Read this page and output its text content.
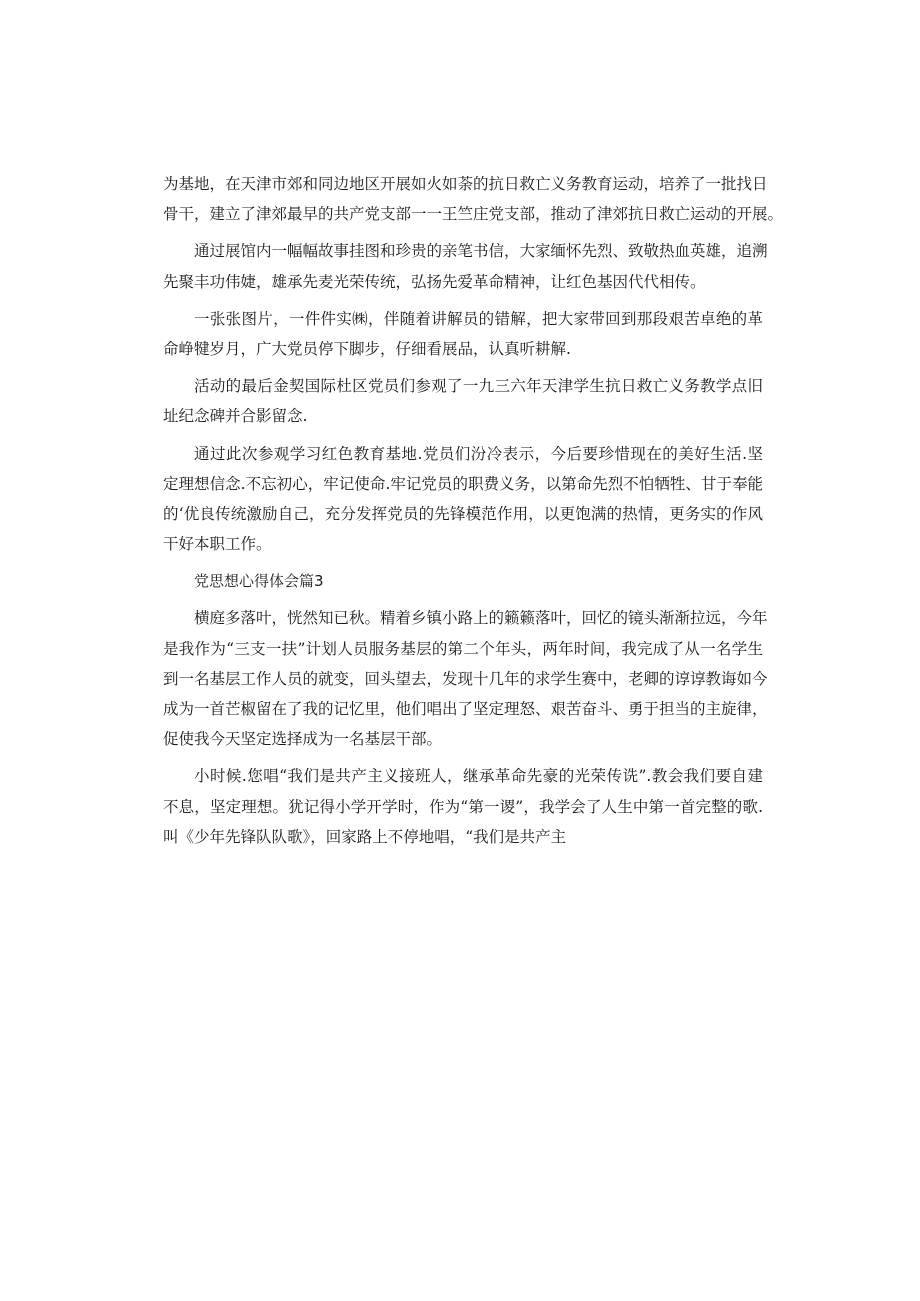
为基地，在天津市郊和同边地区开展如火如荼的抗日救亡义务教育运动，培养了一批找日
骨干，建立了津郊最早的共产党支部一一王竺庄党支部，推动了津郊抗日救亡运动的开展。
通过展馆内一幅幅故事挂图和珍贵的亲笔书信，大家缅怀先烈、致敬热血英雄，追溯
先聚丰功伟婕，雄承先麦光荣传统，弘扬先爱革命精神，让红色基因代代相传。
一张张图片，一件件实㈱，伴随着讲解员的错解，把大家带回到那段艰苦卓绝的革
命峥犍岁月，广大党员停下脚步，仔细看展品，认真听耕解.
活动的最后金契国际杜区党员们参观了一九三六年天津学生抗日救亡义务教学点旧
址纪念碑并合影留念.
通过此次参观学习红色教育基地.党员们汾冷表示，今后要珍惜现在的美好生活.坚
定理想信念.不忘初心，牢记使命.牢记党员的职费义务，以第命先烈不怕牺牲、甘于奉能
的‘优良传统激励自己，充分发挥党员的先锋模范作用，以更饱满的热情，更务实的作风
干好本职工作。
党思想心得体会篇3
横庭多落叶，恍然知已秋。精着乡镇小路上的籁籁落叶，回忆的镜头渐渐拉远，今年
是我作为“三支一扶”计划人员服务基层的第二个年头，两年时间，我完成了从一名学生
到一名基层工作人员的就变，回头望去，发现十几年的求学生赛中，老卿的谆谆教诲如今
成为一首芒椒留在了我的记忆里，他们唱出了坚定理怒、艰苦奋斗、勇于担当的主旋律，
促使我今天坚定选择成为一名基层干部。
小时候.您唱“我们是共产主义接班人，继承革命先豪的光荣传诜”.教会我们要自建
不息，坚定理想。犹记得小学开学时，作为“第一谡”，我学会了人生中第一首完整的歌.
叫《少年先锋队队歌》，回家路上不停地唱，“我们是共产主
